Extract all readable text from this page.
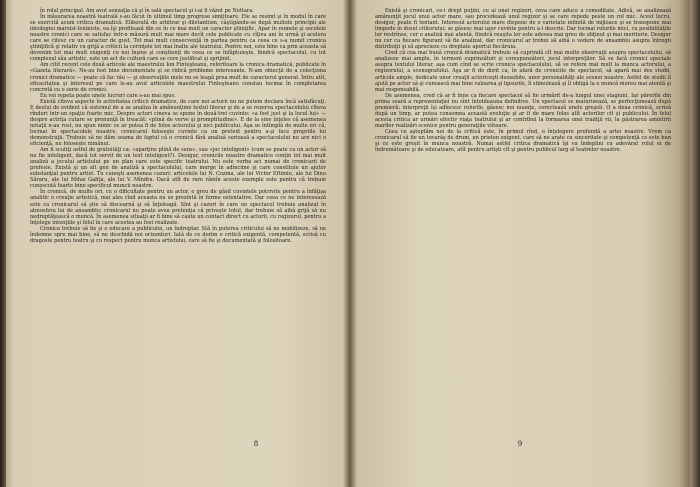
în rolul principal. Am avut senzaţia că şi în sală spectacol şi i-ai fi văzut pe Nottara.

În măsurarea noastră teatrală s-au făcut în ultimul timp progrese simţitoare. Ele se resimt şi în modul în care se exercită acum critica dramatică. Eliberată de arbitrar şi diletantism, câştigându-se după multele principii ale ideologiei marxist-leniniste, ea îşi profilează din ce în ce mai mult un caracter ştiinţific. Apar în numele şi secolele noastre cronici care se satisfac într-o măsură mult mai mare decît cele publicate cu cîţiva ani în urmă şi acelora care se citesc cu un caracter de gust. Tot mai mult consecvenţă în partea pentru ca ceea ce s-a numit cronica ştiinţifică şi relativ cu grijă a criticii la cerinţele tot mai înalte ale teatrului. Pentru noi, este bine ca prin aceasta să devenim tot mai mult exigenţi cu noi înşine şi conştienţi de ceea ce se înfăptuieşte, fiindcă spectacolul, cu tot complexul său artistic, este un act de cultură care se cere justificat şi sprijinit.

Am citit recent cele două articole ale maestrului Ion Finteşteanu, referitoare la cronica dramatică, publicate în «Gazeta literară». Ne-au fost bine documentate şi se ridică probleme interesante. N-am obiecţii de a colecţiona cronici dramatice — poate că fac rău — şi observaţiile mele nu se leagă prea mult de caracterul general. Întru atît, eficacitatea şi interesul pe care le-au avut articolele maestrului Finteşteanu constau tocmai în completarea concretă cu o serie de cronici.

Eu voi repeta poate unele lucruri care s-au mai spus.

Există cîteva aspecte în activitatea criticii dramatice, de care noi actorii nu ne putem declara încă satisfăcuţi. E destul de evident că sistemul de a se analiza în amănunţime textul literar şi de a se rezerva spectacolului cîteva rînduri într-un spaţiu foarte mic. Despre actori cineva se spune în două-trei cuvinte: «a fost just şi la locul lui» — despre actriţa cutare se pronunţă în treacăt: «plină de verve şi promptitudine». E de la sine înţeles că asemenea notaţii n-au rost, nu spun nimic ce ar putea fi de folos actorului şi nici publicului. Aşa se întîmplă de multe ori că, tocmai în spectacolele noastre, cronicarul foloseşte cuvinte ca un pretext pentru a-şi face propriile lui demonstraţii. Trebuie să ne dăm seama de faptul că o cronică fără analiză serioasă a spectacolului nu are nici o eficienţă, nu foloseşte nimănui.

Am fi scutiţi astfel de gratuităţi ca: «aparţine plină de sens», sau «joc inteligent» (cum se poate ca un actor să nu fie inteligent, dacă tot servit de un text inteligent?). Desigur, cronicile noastre dramatice conţin tot mai mult analiză a jocului artistului pe un plan care este specific teatrului. Nu este vorba aci numai de cronicarii de profesie. Există şi un alt gen de analiză a spectacolului, care merge în adîncime şi care constituie un ajutor substanţial pentru artist. Tu cunoşti asemenea cazuri: articolele lui N. Cozma, ale lui Victor Eftimiu, ale lui Dinu Săraru, ale lui Mihai Gafiţa, ale lui V. Mîndra. Dacă atît de rare rămîn aceste exemple este pentru că trebuie cunoscută foarte bine specificul muncii noastre.

În cronică, de multe ori, cu o dificultate pentru un actor, e greu de găsit cuvintele potrivite pentru a înfăţişa analitic o creaţie artistică, mai ales cînd aceasta nu se prezintă în forme ostentative. Dar ceea ce ne interesează este ca cronicarul să ştie să discearnă şi să înţeleagă. Sînt şi cazuri în care un spectacol trebuie analizat în atmosfera lui de ansamblu; cronicarul nu poate avea pretenţia că priveşte totul, dar trebuie să aibă grijă să nu nedreptăţească o muncă. În asemenea situaţii ar fi bine să caute un contact direct cu actorii, cu regizorul, pentru a înţelege intenţiile şi felul în care acestea au fost realizate.

Cronica trebuie să fie şi o educare a publicului, un îndreptar. Stă în puterea criticului să ne mobilizeze, să ne îndemne spre mai bine, să ne deschidă noi orizonturi. Iată de ce dorim o critică exigentă, competentă, scrisă cu dragoste pentru teatru şi cu respect pentru munca artistului, care să fie şi documentată şi folositoare.

8

Există şi cronicari, ce-i drept puţini, cu ai unei regizori, ceva care aduce a comoditate. Adică, se analizează amănunţit jocul unui actor mare, sau procedează unul regizor şi se care repede peste un rol mic. Acest lucru, desigur, poate fi tentant. Interesul actorului mare dispune de o varietate infinită de mijloace şi se transpune mai limpede în dosul cititorului; se găsesc mai uşor cuvinte pentru a-l descrie. Dar tocmai rolurile mici, cu posibilităţile lor restrînse, cer o analiză mai atentă, fiindcă reuşita lor este adesea mai greu de obţinut şi mai meritorie. Desigur nu cer ca fiecare figurant să fie analizat, dar cronicarul ar trebui să aibă o vedere de ansamblu asupra întregii distribuţii şi să aprecieze cu dreptate aportul fiecăruia.

Cred că cea mai bună cronică dramatică trebuie să cuprindă cît mai multe observaţii asupra spectacolului, să analizeze mai amplu, în termeni cuprinzători şi corespunzători, jocul interpreţilor. Să se facă cronici speciale asupra textului literar, aşa cum cînd se scrie cronica spectacolului, să se refere mai mult la munca actorului, a regizorului, a scenografului. Aşa ar fi de dorit ca, în afară de cronicile de spectacol, să apară mai des studii, articole ample, dedicate unor creaţii actoriceşti deosebite, unor personalităţi ale scenei noastre. Astfel de studii îl ajută pe actor să-şi cunoască mai bine valoarea şi lipsurile, îl stimulează şi îl obligă la o muncă mereu mai atentă şi mai responsabilă.

De asemenea, cred că ar fi bine ca fiecare spectacol să fie urmărit de-a lungul unei stagiuni. Iar părerile din prima seară a reprezentaţiei nu sînt întotdeauna definitive. Un spectacol se maturizează, se perfecţionează după premieră; interpreţii îşi adîncesc rolurile, găsesc noi nuanţe, corectează unele greşeli. O a doua cronică, scrisă după un timp, ar putea consemna această evoluţie şi ar fi de mare folos atît actorilor cît şi publicului. În felul acesta critica ar urmări efectiv viaţa teatrului şi ar contribui la formarea unei tradiţii vii, la păstrarea amintirii marilor realizări scenice pentru generaţiile viitoare.

Ceea ce aşteptăm noi de la critică este, în primul rînd, o înţelegere profundă a artei noastre. Vrem ca cronicarul să fie un tovarăş de drum, un prieten exigent, care să ne arate cu sinceritate şi competenţă ce este bun şi ce este greşit în munca noastră. Numai astfel critica dramatică îşi va îndeplini cu adevărat rolul ei de îndrumătoare şi de educatoare, atît pentru artişti cît şi pentru publicul larg al teatrelor noastre.

9
